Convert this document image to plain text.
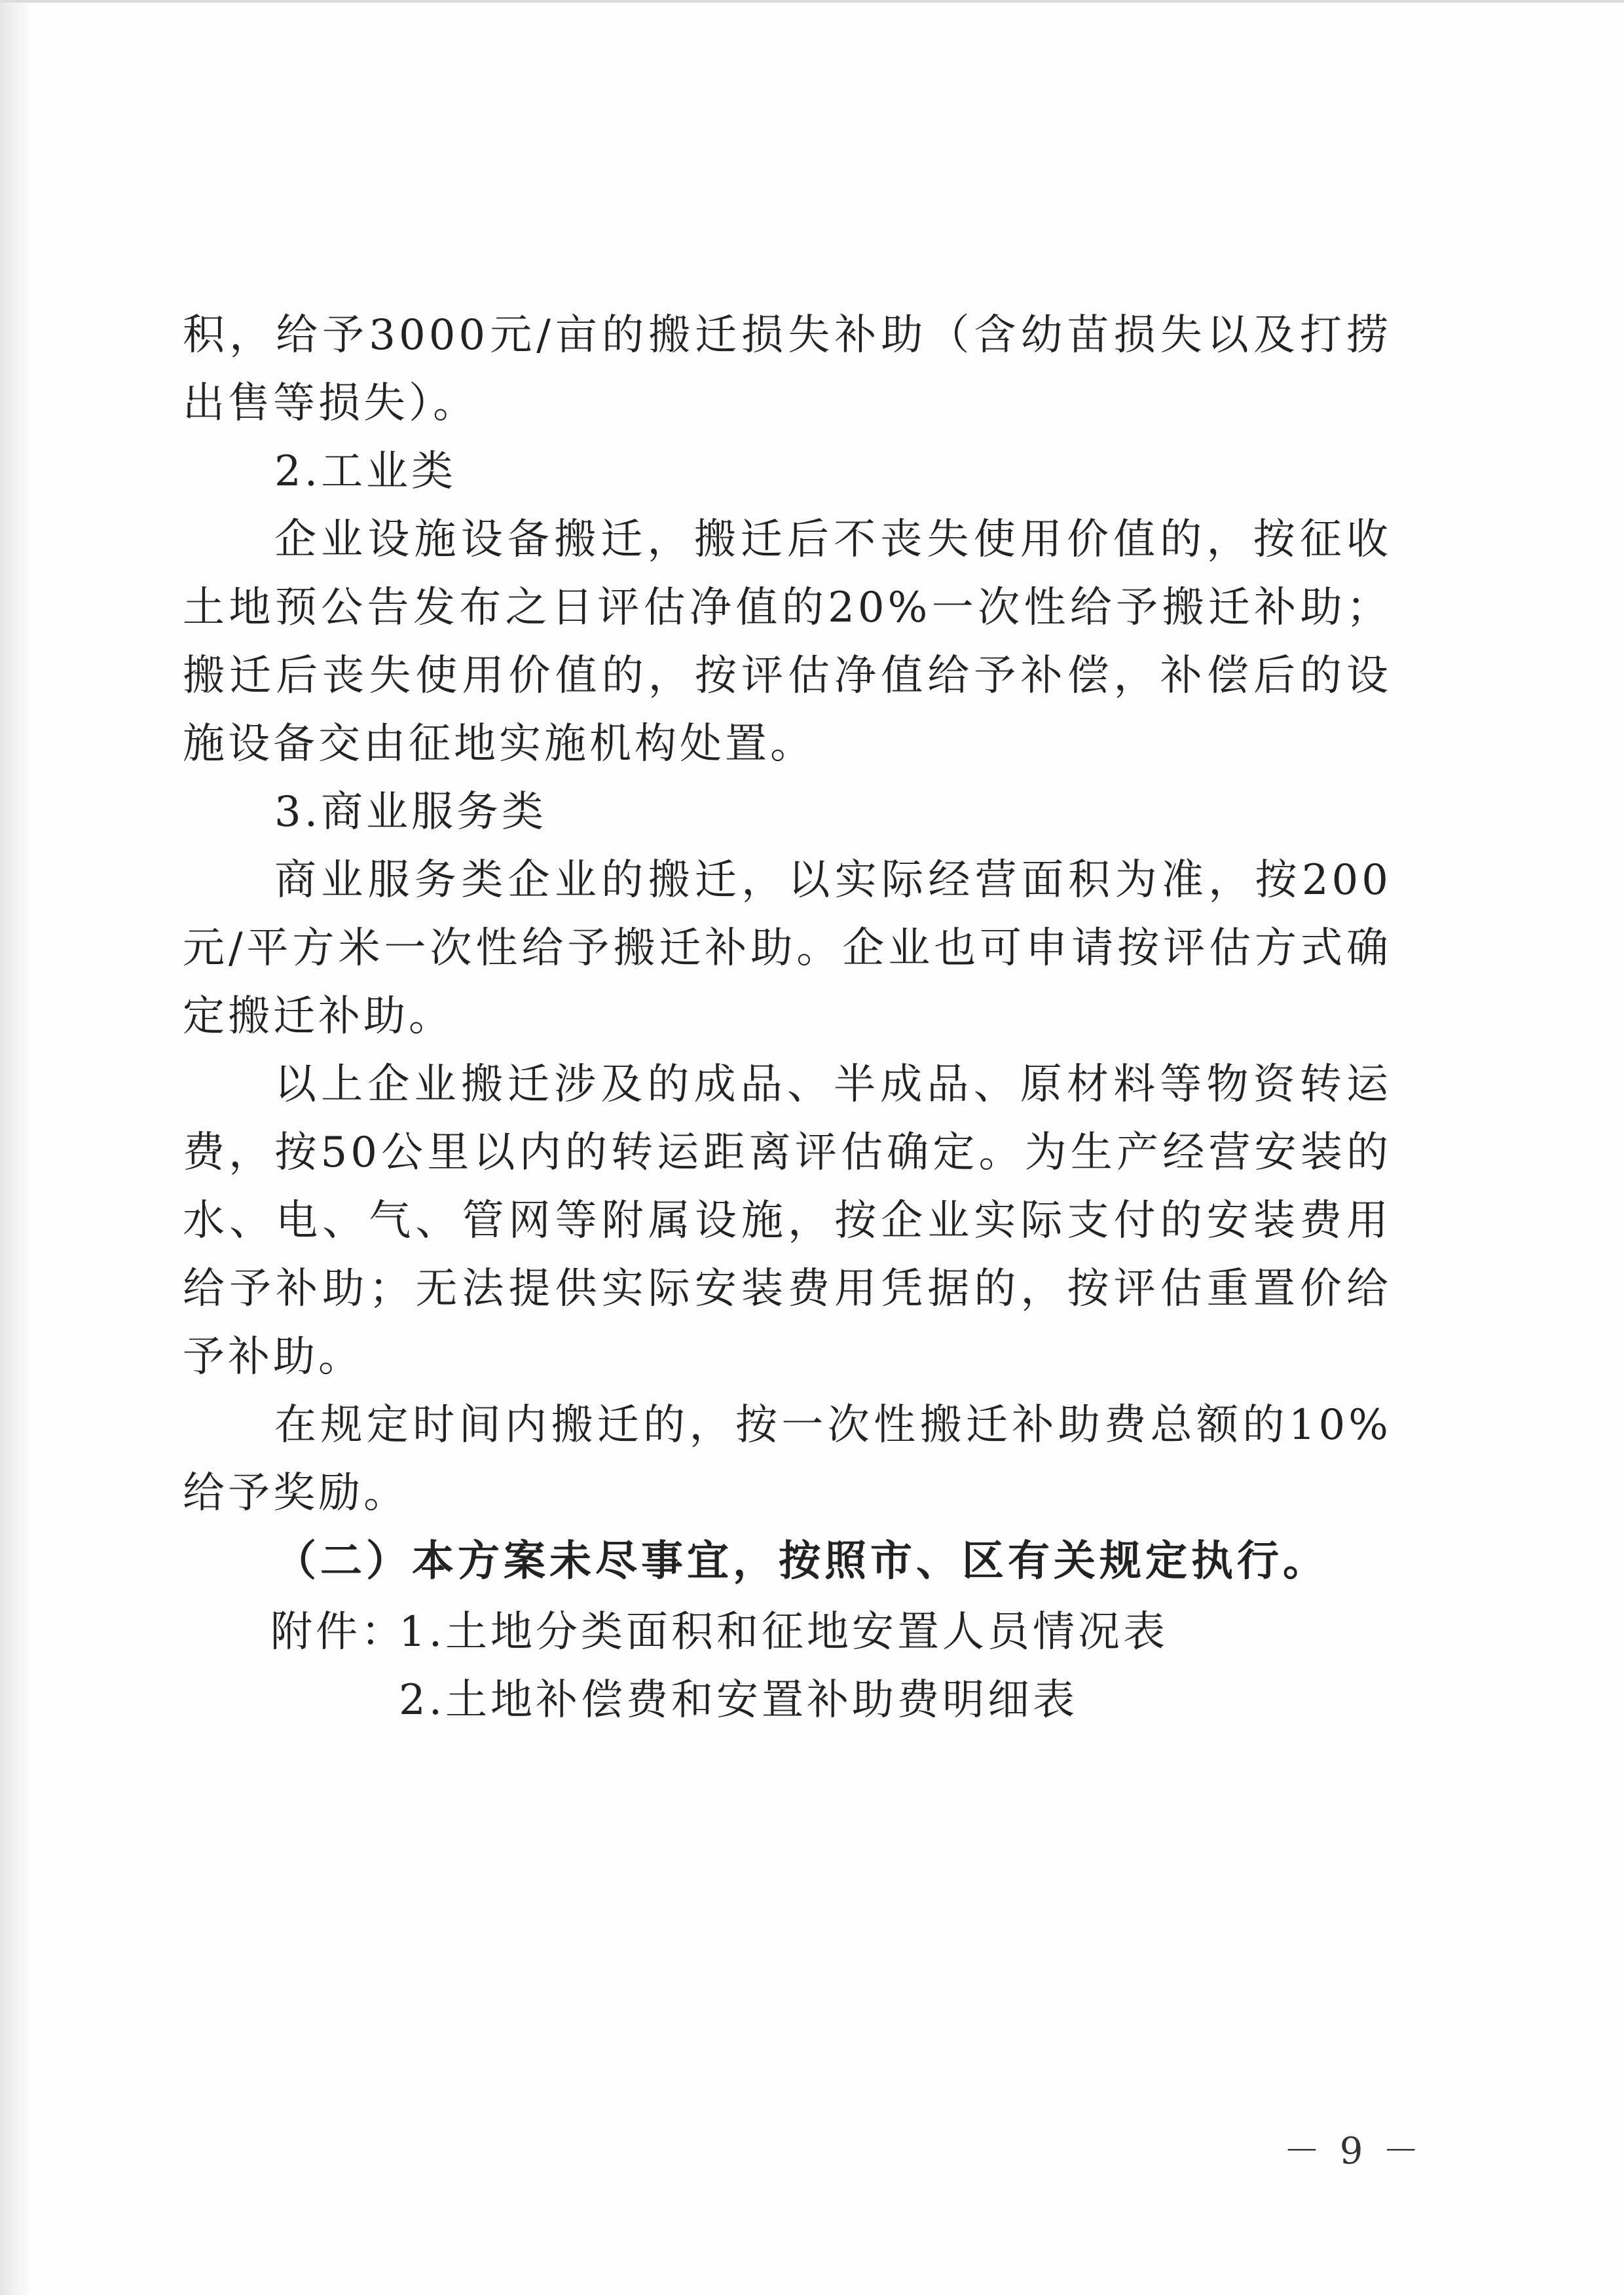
积，给予3000元/亩的搬迁损失补助（含幼苗损失以及打捞出售等损失）。

2.工业类

企业设施设备搬迁，搬迁后不丧失使用价值的，按征收土地预公告发布之日评估净值的20%一次性给予搬迁补助；搬迁后丧失使用价值的，按评估净值给予补偿，补偿后的设施设备交由征地实施机构处置。

3.商业服务类

商业服务类企业的搬迁，以实际经营面积为准，按200元/平方米一次性给予搬迁补助。企业也可申请按评估方式确定搬迁补助。

以上企业搬迁涉及的成品、半成品、原材料等物资转运费，按50公里以内的转运距离评估确定。为生产经营安装的水、电、气、管网等附属设施，按企业实际支付的安装费用给予补助；无法提供实际安装费用凭据的，按评估重置价给予补助。

在规定时间内搬迁的，按一次性搬迁补助费总额的10%给予奖励。

（二）本方案未尽事宜，按照市、区有关规定执行。

附件：
1.土地分类面积和征地安置人员情况表
2.土地补偿费和安置补助费明细表
－ 9 －
